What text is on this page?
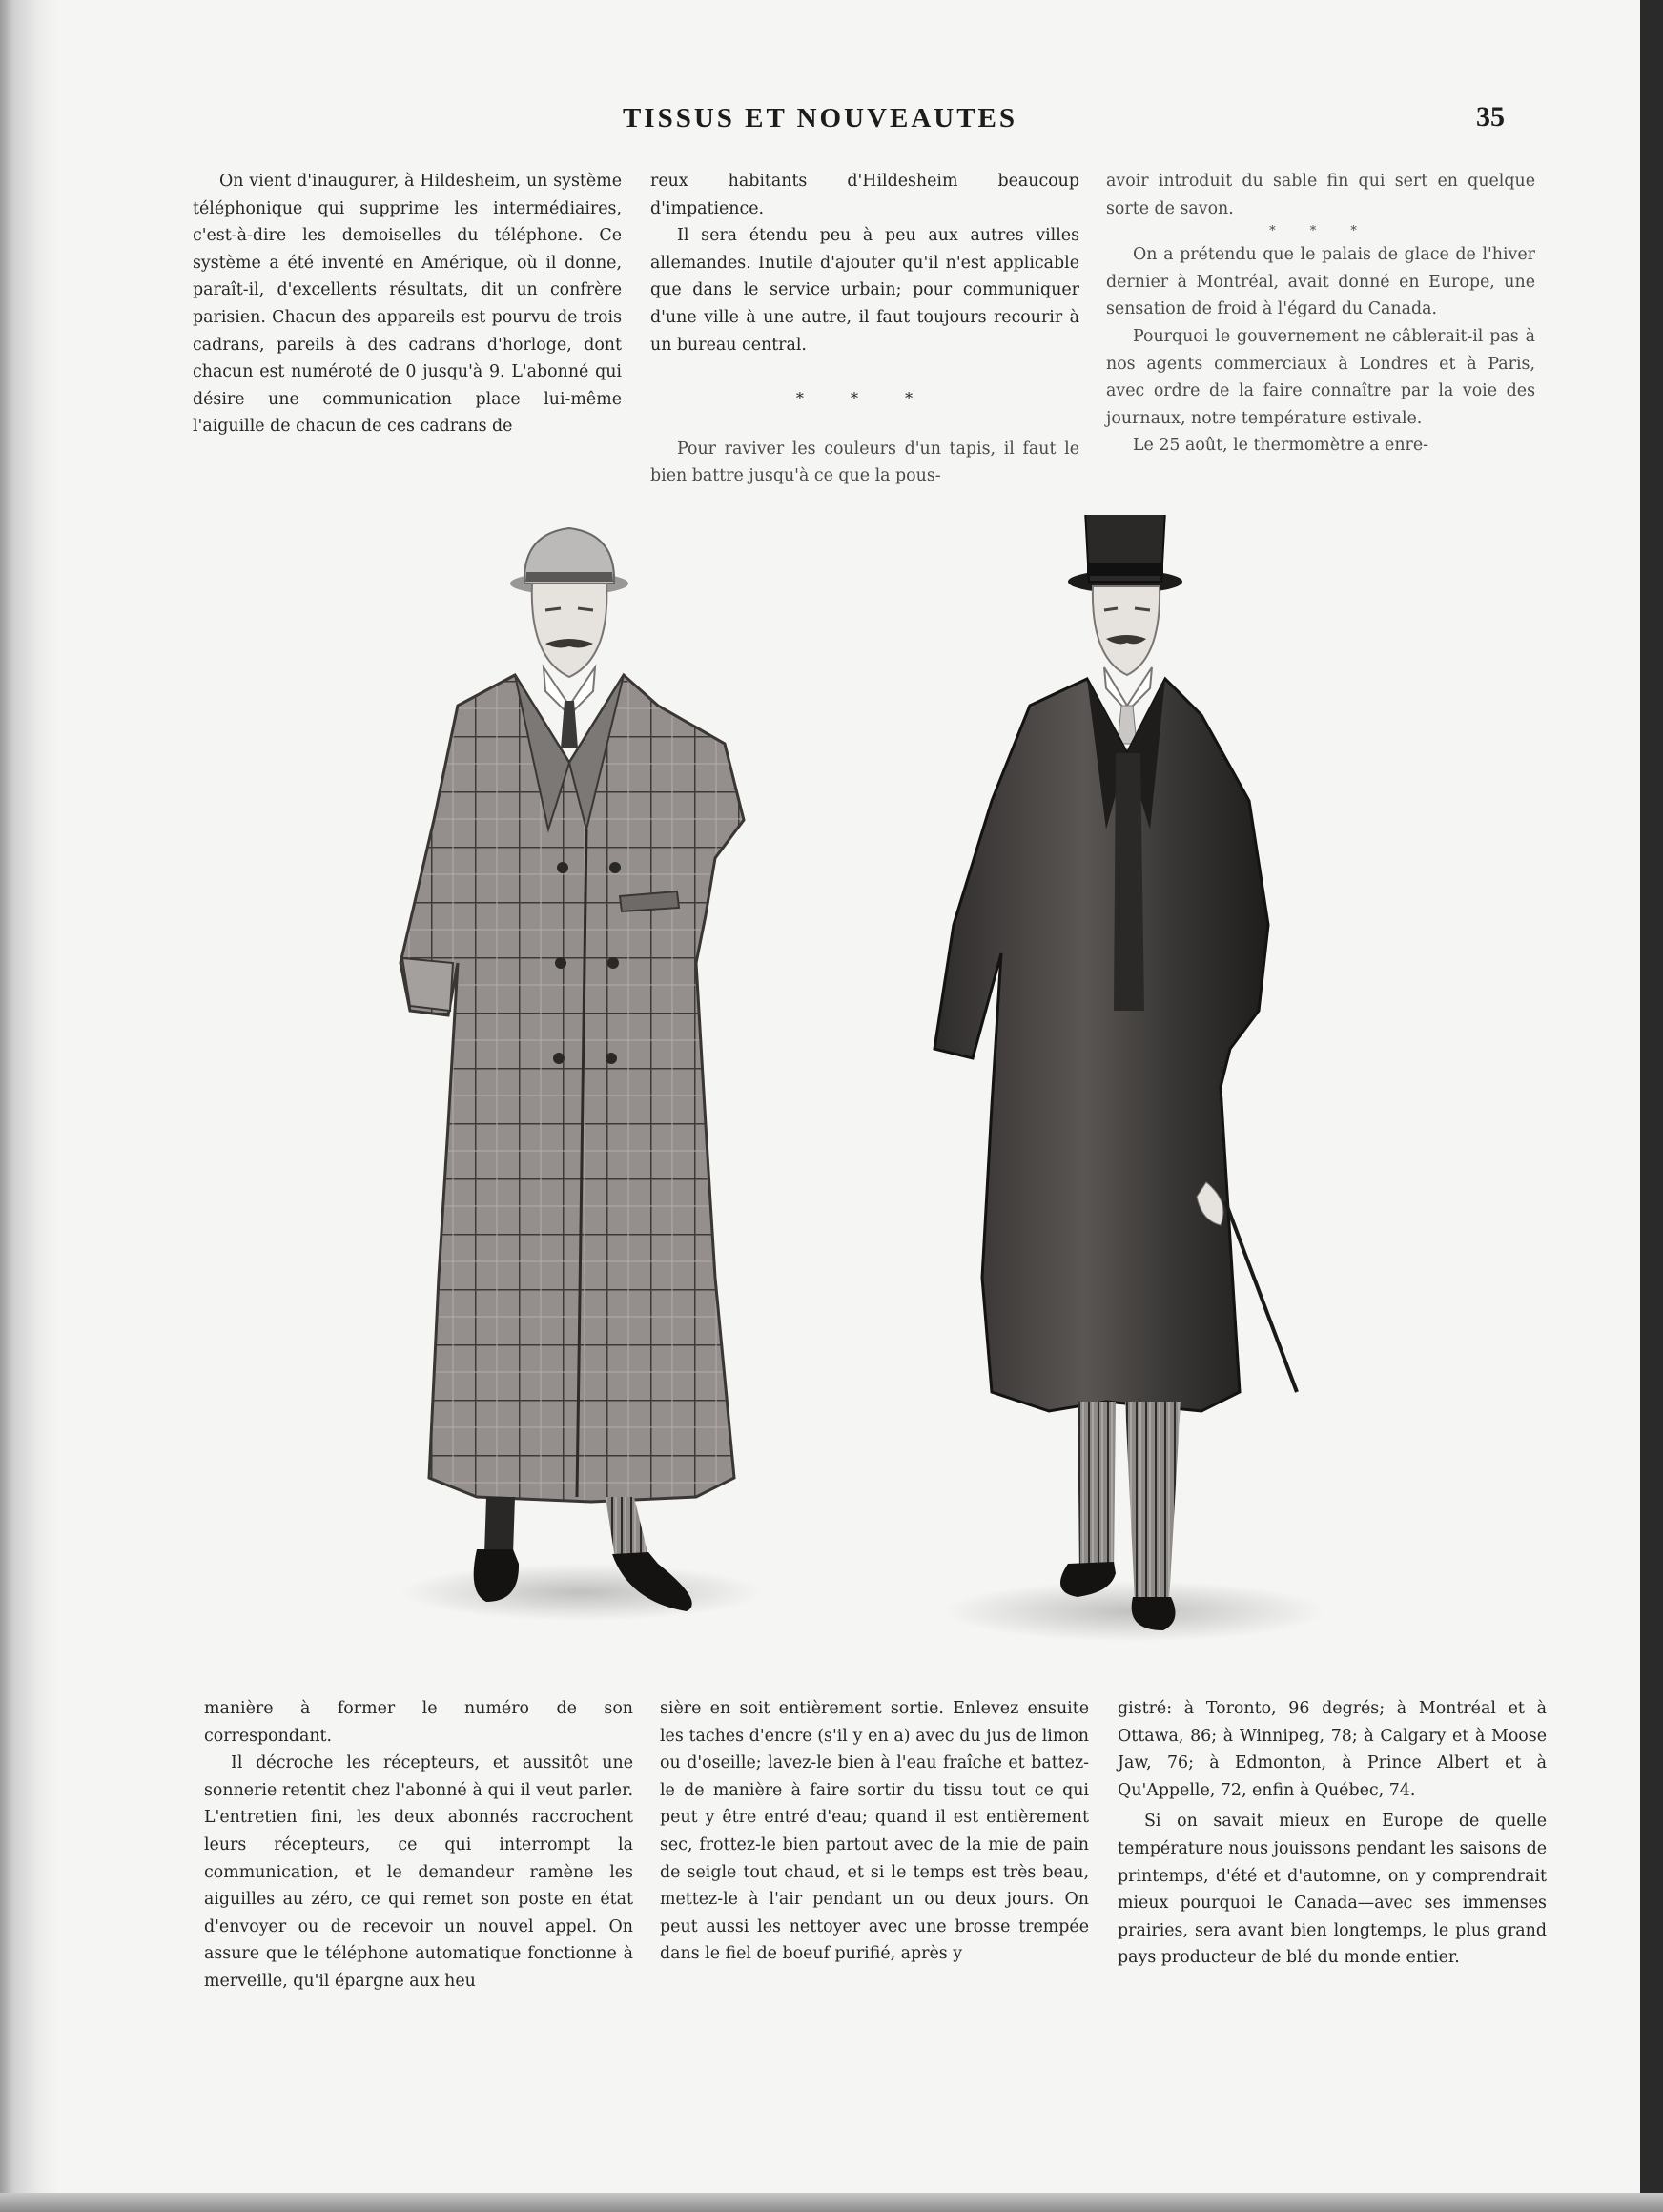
TISSUS ET NOUVEAUTES	35

On vient d'inaugurer, à Hildesheim, un système téléphonique qui supprime les intermédiaires, c'est-à-dire les demoiselles du téléphone. Ce système a été inventé en Amérique, où il donne, paraît-il, d'excellents résultats, dit un confrère parisien. Chacun des appareils est pourvu de trois cadrans, pareils à des cadrans d'horloge, dont chacun est numéroté de 0 jusqu'à 9. L'abonné qui désire une communication place lui-même l'aiguille de chacun de ces cadrans de

reux habitants d'Hildesheim beaucoup d'impatience.

Il sera étendu peu à peu aux autres villes allemandes. Inutile d'ajouter qu'il n'est applicable que dans le service urbain; pour communiquer d'une ville à une autre, il faut toujours recourir à un bureau central.

* * *

Pour raviver les couleurs d'un tapis, il faut le bien battre jusqu'à ce que la pous-

avoir introduit du sable fin qui sert en quelque sorte de savon.

* * *

On a prétendu que le palais de glace de l'hiver dernier à Montréal, avait donné en Europe, une sensation de froid à l'égard du Canada.

Pourquoi le gouvernement ne câblerait-il pas à nos agents commerciaux à Londres et à Paris, avec ordre de la faire connaître par la voie des journaux, notre température estivale.

Le 25 août, le thermomètre a enre-

manière à former le numéro de son correspondant.

Il décroche les récepteurs, et aussitôt une sonnerie retentit chez l'abonné à qui il veut parler. L'entretien fini, les deux abonnés raccrochent leurs récepteurs, ce qui interrompt la communication, et le demandeur ramène les aiguilles au zéro, ce qui remet son poste en état d'envoyer ou de recevoir un nouvel appel. On assure que le téléphone automatique fonctionne à merveille, qu'il épargne aux heu

sière en soit entièrement sortie. Enlevez ensuite les taches d'encre (s'il y en a) avec du jus de limon ou d'oseille; lavez-le bien à l'eau fraîche et battez-le de manière à faire sortir du tissu tout ce qui peut y être entré d'eau; quand il est entièrement sec, frottez-le bien partout avec de la mie de pain de seigle tout chaud, et si le temps est très beau, mettez-le à l'air pendant un ou deux jours. On peut aussi les nettoyer avec une brosse trempée dans le fiel de boeuf purifié, après y

gistré: à Toronto, 96 degrés; à Montréal et à Ottawa, 86; à Winnipeg, 78; à Calgary et à Moose Jaw, 76; à Edmonton, à Prince Albert et à Qu'Appelle, 72, enfin à Québec, 74.

Si on savait mieux en Europe de quelle température nous jouissons pendant les saisons de printemps, d'été et d'automne, on y comprendrait mieux pourquoi le Canada—avec ses immenses prairies, sera avant bien longtemps, le plus grand pays producteur de blé du monde entier.
